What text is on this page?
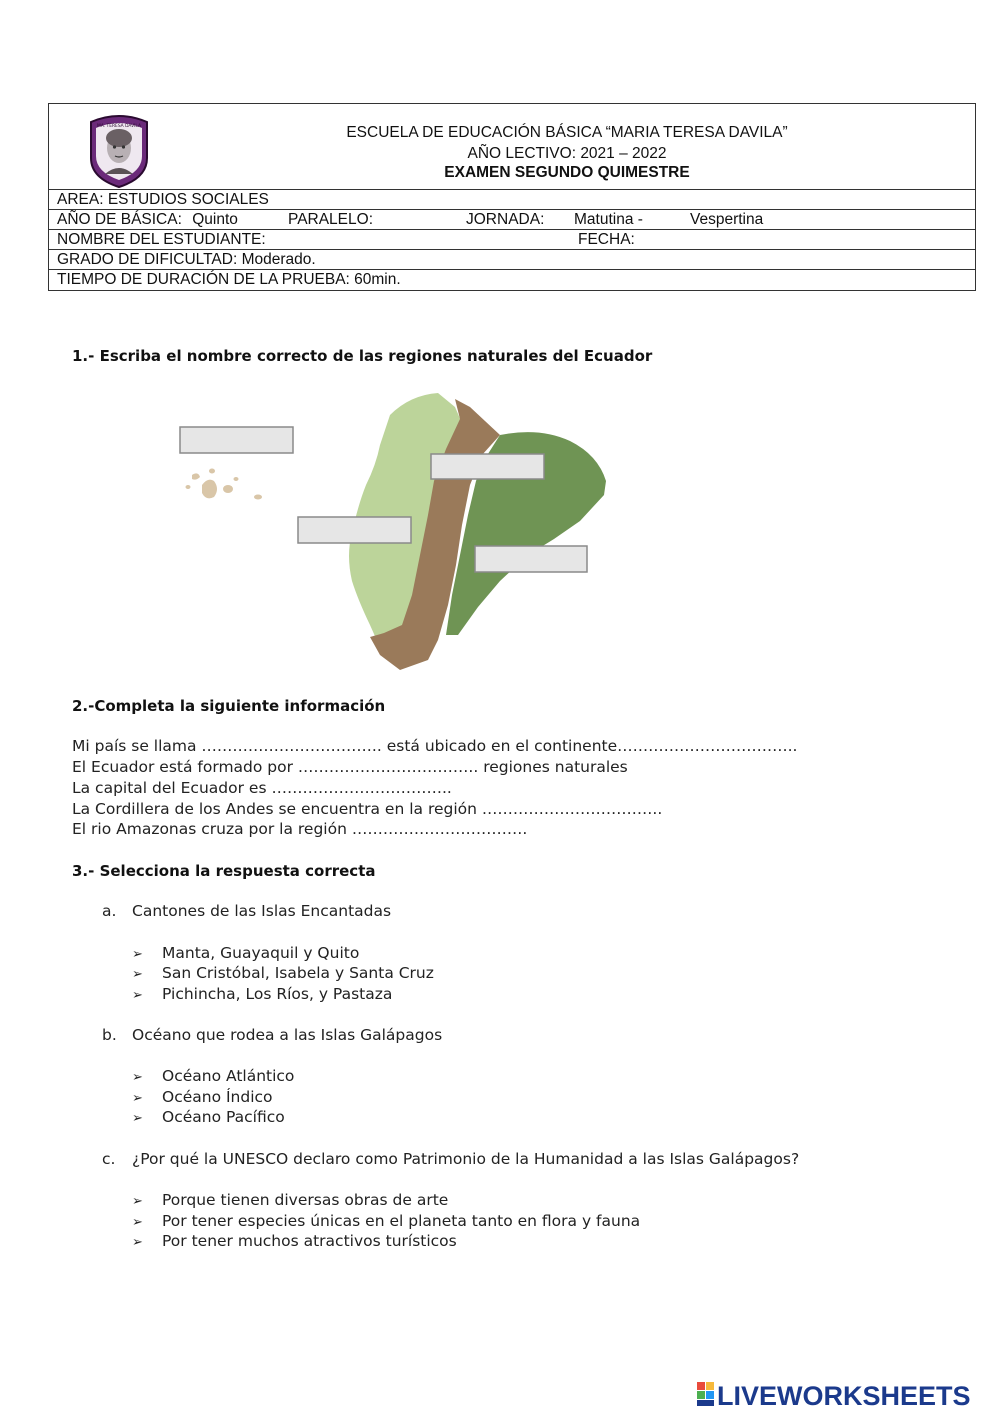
MA. TERESA DAVILA	ESCUELA DE EDUCACIÓN BÁSICA “MARIA TERESA DAVILA”
AÑO LECTIVO: 2021 – 2022
EXAMEN SEGUNDO QUIMESTRE
AREA: ESTUDIOS SOCIALES
AÑO DE BÁSICA: Quinto	PARALELO:	JORNADA: Matutina -	Vespertina
NOMBRE DEL ESTUDIANTE:	FECHA:
GRADO DE DIFICULTAD: Moderado.
TIEMPO DE DURACIÓN DE LA PRUEBA: 60min.
1.- Escriba el nombre correcto de las regiones naturales del Ecuador
2.-Completa la siguiente información
Mi país se llama …………………………….. está ubicado en el continente……………………………..
El Ecuador está formado por …………………………….. regiones naturales
La capital del Ecuador es ……………………………..
La Cordillera de los Andes se encuentra en la región ……………………………..
El rio Amazonas cruza por la región …………………………….
3.- Selecciona la respuesta correcta
a. Cantones de las Islas Encantadas
➢ Manta, Guayaquil y Quito
➢ San Cristóbal, Isabela y Santa Cruz
➢ Pichincha, Los Ríos, y Pastaza
b. Océano que rodea a las Islas Galápagos
➢ Océano Atlántico
➢ Océano Índico
➢ Océano Pacífico
c. ¿Por qué la UNESCO declaro como Patrimonio de la Humanidad a las Islas Galápagos?
➢ Porque tienen diversas obras de arte
➢ Por tener especies únicas en el planeta tanto en flora y fauna
➢ Por tener muchos atractivos turísticos
LIVEWORKSHEETS
